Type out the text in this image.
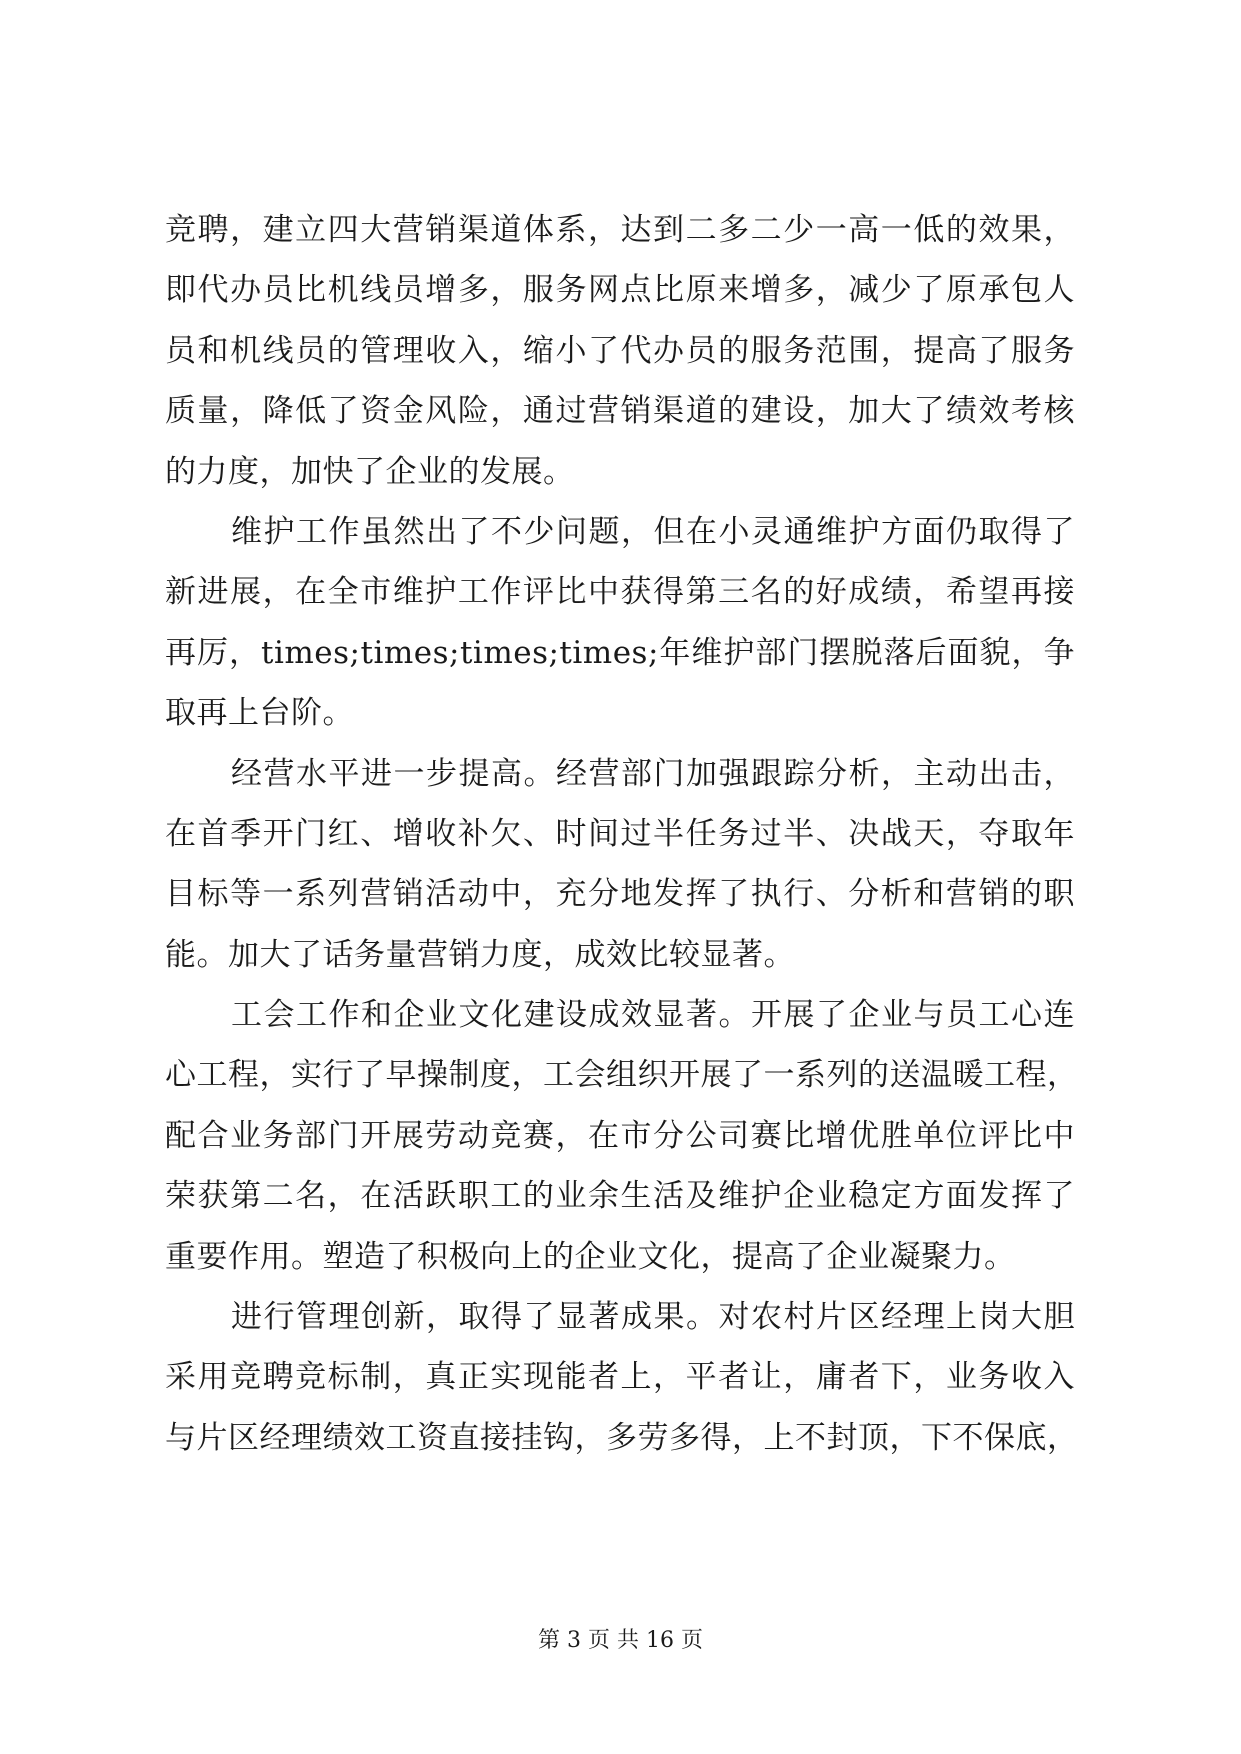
竞聘，建立四大营销渠道体系，达到二多二少一高一低的效果，
即代办员比机线员增多，服务网点比原来增多，减少了原承包人
员和机线员的管理收入，缩小了代办员的服务范围，提高了服务
质量，降低了资金风险，通过营销渠道的建设，加大了绩效考核
的力度，加快了企业的发展。
维护工作虽然出了不少问题，但在小灵通维护方面仍取得了
新进展，在全市维护工作评比中获得第三名的好成绩，希望再接
再厉，times;times;times;times;年维护部门摆脱落后面貌，争
取再上台阶。
经营水平进一步提高。经营部门加强跟踪分析，主动出击，
在首季开门红、增收补欠、时间过半任务过半、决战天，夺取年
目标等一系列营销活动中，充分地发挥了执行、分析和营销的职
能。加大了话务量营销力度，成效比较显著。
工会工作和企业文化建设成效显著。开展了企业与员工心连
心工程，实行了早操制度，工会组织开展了一系列的送温暖工程，
配合业务部门开展劳动竞赛，在市分公司赛比增优胜单位评比中
荣获第二名，在活跃职工的业余生活及维护企业稳定方面发挥了
重要作用。塑造了积极向上的企业文化，提高了企业凝聚力。
进行管理创新，取得了显著成果。对农村片区经理上岗大胆
采用竞聘竞标制，真正实现能者上，平者让，庸者下，业务收入
与片区经理绩效工资直接挂钩，多劳多得，上不封顶，下不保底，
第 3 页 共 16 页
